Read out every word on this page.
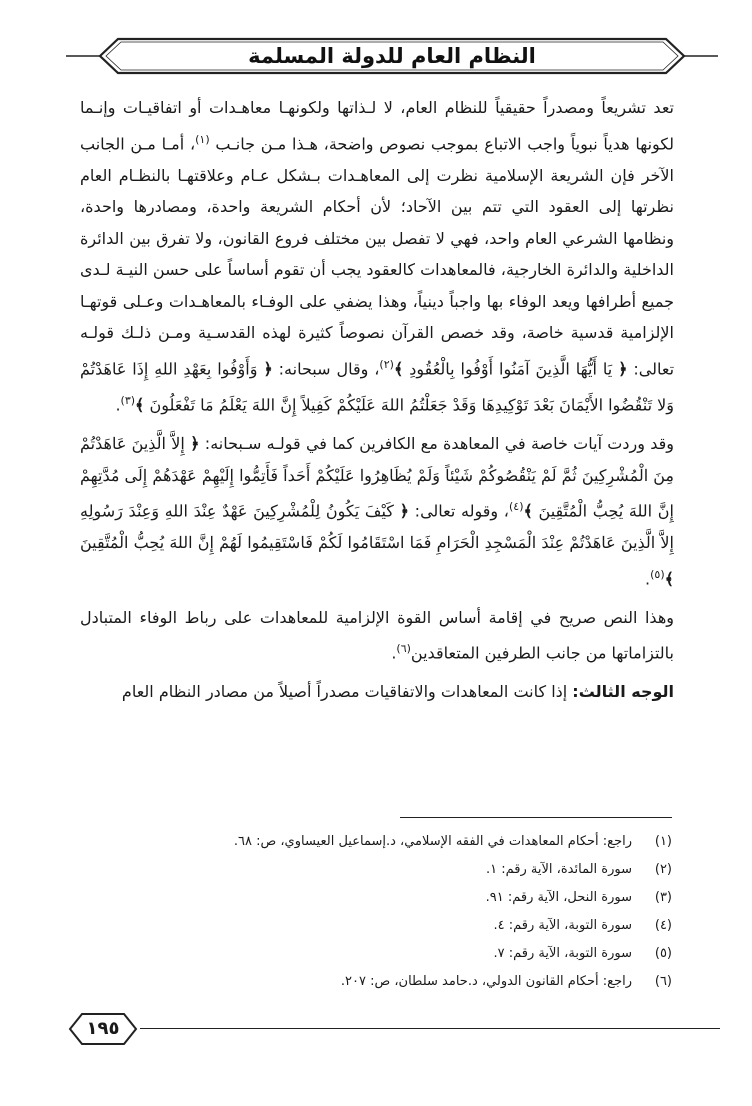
النظام العام للدولة المسلمة

تعد تشريعاً ومصدراً حقيقياً للنظام العام، لا لـذاتها ولكونهـا معاهـدات أو اتفاقيـات وإنـما لكونها هدياً نبوياً واجب الاتباع بموجب نصوص واضحة، هـذا مـن جانـب $^{(١)}$، أمـا مـن الجانب الآخر فإن الشريعة الإسلامية نظرت إلى المعاهـدات بـشكل عـام وعلاقتهـا بالنظـام العام نظرتها إلى العقود التي تتم بين الآحاد؛ لأن أحكام الشريعة واحدة، ومصادرها واحدة، ونظامها الشرعي العام واحد، فهي لا تفصل بين مختلف فروع القانون، ولا تفرق بين الدائرة الداخلية والدائرة الخارجية، فالمعاهدات كالعقود يجب أن تقوم أساساً على حسن النيـة لـدى جميع أطرافها ويعد الوفاء بها واجباً دينياً، وهذا يضفي على الوفـاء بالمعاهـدات وعـلى قوتهـا الإلزامية قدسية خاصة، وقد خصص القرآن نصوصاً كثيرة لهذه القدسـية ومـن ذلـك قولـه تعالى: ﴿ يَا أَيُّهَا الَّذِينَ آمَنُوا أَوْفُوا بِالْعُقُودِ ﴾$^{(٢)}$، وقال سبحانه: ﴿ وَأَوْفُوا بِعَهْدِ اللهِ إِذَا عَاهَدْتُمْ وَلا تَنْقُضُوا الأَيْمَانَ بَعْدَ تَوْكِيدِهَا وَقَدْ جَعَلْتُمُ اللهَ عَلَيْكُمْ كَفِيلاً إِنَّ اللهَ يَعْلَمُ مَا تَفْعَلُونَ ﴾$^{(٣)}$.

وقد وردت آيات خاصة في المعاهدة مع الكافرين كما في قولـه سـبحانه: ﴿ إِلاَّ الَّذِينَ عَاهَدْتُمْ مِنَ الْمُشْرِكِينَ ثُمَّ لَمْ يَنْقُصُوكُمْ شَيْئاً وَلَمْ يُظَاهِرُوا عَلَيْكُمْ أَحَداً فَأَتِمُّوا إِلَيْهِمْ عَهْدَهُمْ إِلَى مُدَّتِهِمْ إِنَّ اللهَ يُحِبُّ الْمُتَّقِينَ ﴾$^{(٤)}$، وقوله تعالى: ﴿ كَيْفَ يَكُونُ لِلْمُشْرِكِينَ عَهْدٌ عِنْدَ اللهِ وَعِنْدَ رَسُولِهِ إِلاَّ الَّذِينَ عَاهَدْتُمْ عِنْدَ الْمَسْجِدِ الْحَرَامِ فَمَا اسْتَقَامُوا لَكُمْ فَاسْتَقِيمُوا لَهُمْ إِنَّ اللهَ يُحِبُّ الْمُتَّقِينَ ﴾$^{(٥)}$.

وهذا النص صريح في إقامة أساس القوة الإلزامية للمعاهدات على رباط الوفاء المتبادل بالتزاماتها من جانب الطرفين المتعاقدين$^{(٦)}$.

الوجه الثالث: إذا كانت المعاهدات والاتفاقيات مصدراً أصيلاً من مصادر النظام العام

(١)راجع: أحكام المعاهدات في الفقه الإسلامي، د.إسماعيل العيساوي، ص: ٦٨.
(٢)سورة المائدة، الآية رقم: ١.
(٣)سورة النحل، الآية رقم: ٩١.
(٤)سورة التوبة، الآية رقم: ٤.
(٥)سورة التوبة، الآية رقم: ٧.
(٦)راجع: أحكام القانون الدولي، د.حامد سلطان، ص: ٢٠٧.
١٩٥
